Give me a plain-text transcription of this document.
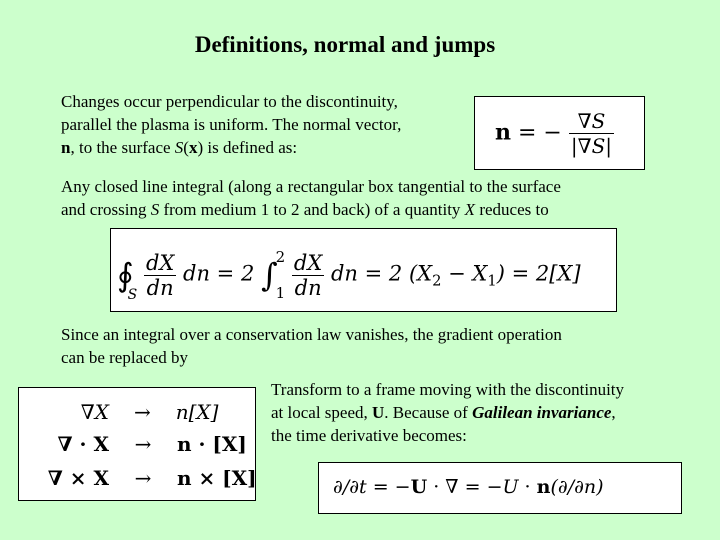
Definitions, normal and jumps
Changes occur perpendicular to the discontinuity,
parallel the plasma is uniform. The normal vector,
n, to the surface S(x) is defined as:
n = − $\frac{\nabla S}{|\nabla S|}$
Any closed line integral (along a rectangular box tangential to the surface
and crossing S from medium 1 to 2 and back) of a quantity X reduces to
$∮_S \frac{dX}{dn}$ dn = 2 ∫
2
1
$\frac{dX}{dn}$ dn = 2 $(X_2 - X_1) = 2[X]$
Since an integral over a conservation law vanishes, the gradient operation
can be replaced by
∇X → n[X]
∇ · X → n · [X]
∇ × X → n × [X]
Transform to a frame moving with the discontinuity
at local speed, U. Because of Galilean invariance,
the time derivative becomes:
∂/∂t = −U · ∇ = −U · n(∂/∂n)
